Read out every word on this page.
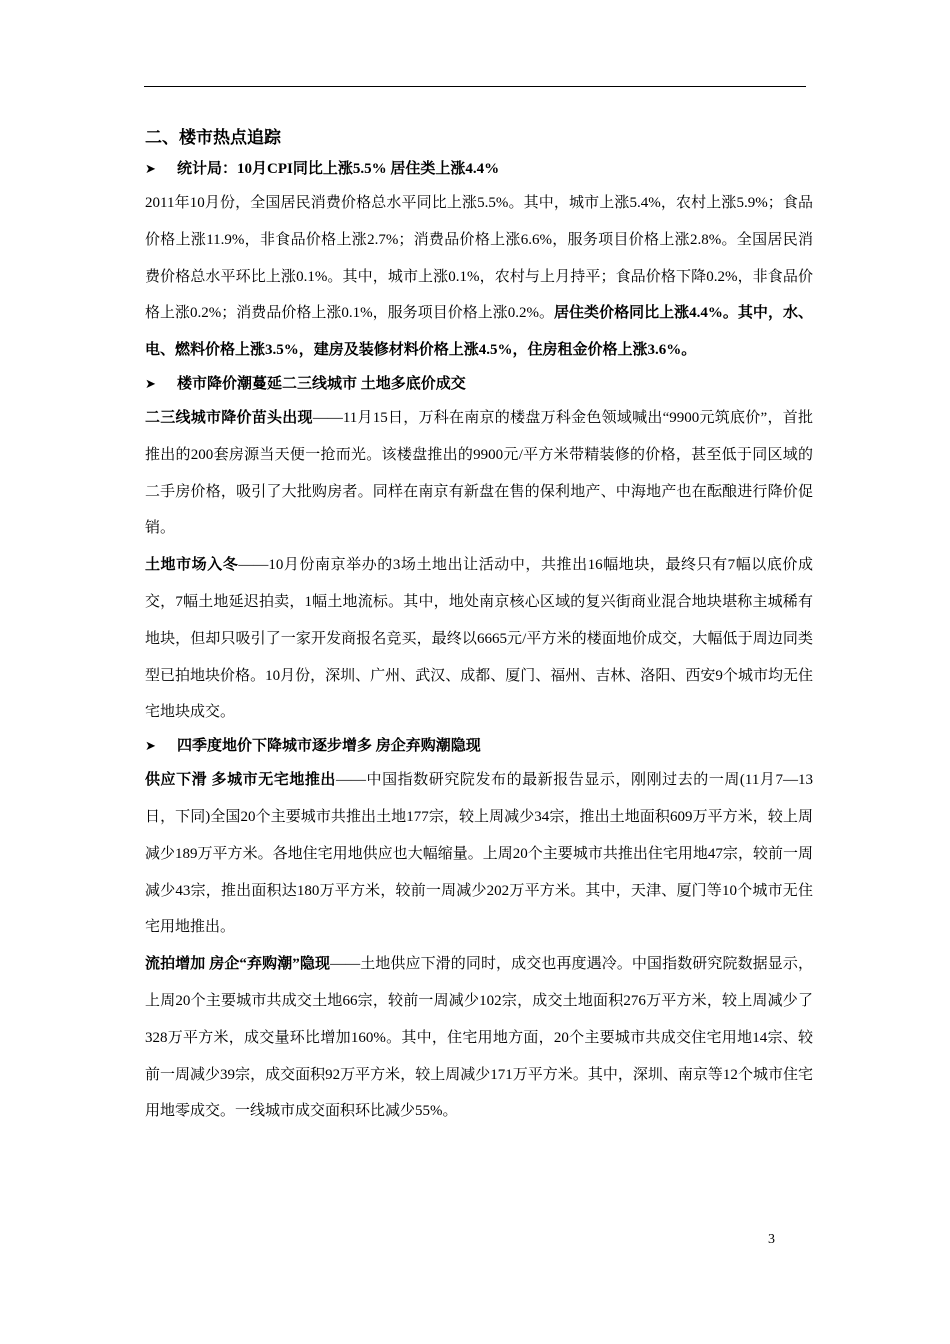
二、楼市热点追踪

➤ 统计局：10月CPI同比上涨5.5% 居住类上涨4.4%

2011年10月份，全国居民消费价格总水平同比上涨5.5%。其中，城市上涨5.4%，农村上涨5.9%；食品价格上涨11.9%，非食品价格上涨2.7%；消费品价格上涨6.6%，服务项目价格上涨2.8%。全国居民消费价格总水平环比上涨0.1%。其中，城市上涨0.1%，农村与上月持平；食品价格下降0.2%，非食品价格上涨0.2%；消费品价格上涨0.1%，服务项目价格上涨0.2%。居住类价格同比上涨4.4%。其中，水、电、燃料价格上涨3.5%，建房及装修材料价格上涨4.5%，住房租金价格上涨3.6%。

➤ 楼市降价潮蔓延二三线城市 土地多底价成交

二三线城市降价苗头出现——11月15日，万科在南京的楼盘万科金色领域喊出“9900元筑底价”，首批推出的200套房源当天便一抢而光。该楼盘推出的9900元/平方米带精装修的价格，甚至低于同区域的二手房价格，吸引了大批购房者。同样在南京有新盘在售的保利地产、中海地产也在酝酿进行降价促销。

土地市场入冬——10月份南京举办的3场土地出让活动中，共推出16幅地块，最终只有7幅以底价成交，7幅土地延迟拍卖，1幅土地流标。其中，地处南京核心区域的复兴街商业混合地块堪称主城稀有地块，但却只吸引了一家开发商报名竞买，最终以6665元/平方米的楼面地价成交，大幅低于周边同类型已拍地块价格。10月份，深圳、广州、武汉、成都、厦门、福州、吉林、洛阳、西安9个城市均无住宅地块成交。

➤ 四季度地价下降城市逐步增多 房企弃购潮隐现

供应下滑 多城市无宅地推出——中国指数研究院发布的最新报告显示，刚刚过去的一周(11月7—13日，下同)全国20个主要城市共推出土地177宗，较上周减少34宗，推出土地面积609万平方米，较上周减少189万平方米。各地住宅用地供应也大幅缩量。上周20个主要城市共推出住宅用地47宗，较前一周减少43宗，推出面积达180万平方米，较前一周减少202万平方米。其中，天津、厦门等10个城市无住宅用地推出。

流拍增加 房企“弃购潮”隐现——土地供应下滑的同时，成交也再度遇冷。中国指数研究院数据显示，上周20个主要城市共成交土地66宗，较前一周减少102宗，成交土地面积276万平方米，较上周减少了328万平方米，成交量环比增加160%。其中，住宅用地方面，20个主要城市共成交住宅用地14宗、较前一周减少39宗，成交面积92万平方米，较上周减少171万平方米。其中，深圳、南京等12个城市住宅用地零成交。一线城市成交面积环比减少55%。

3
